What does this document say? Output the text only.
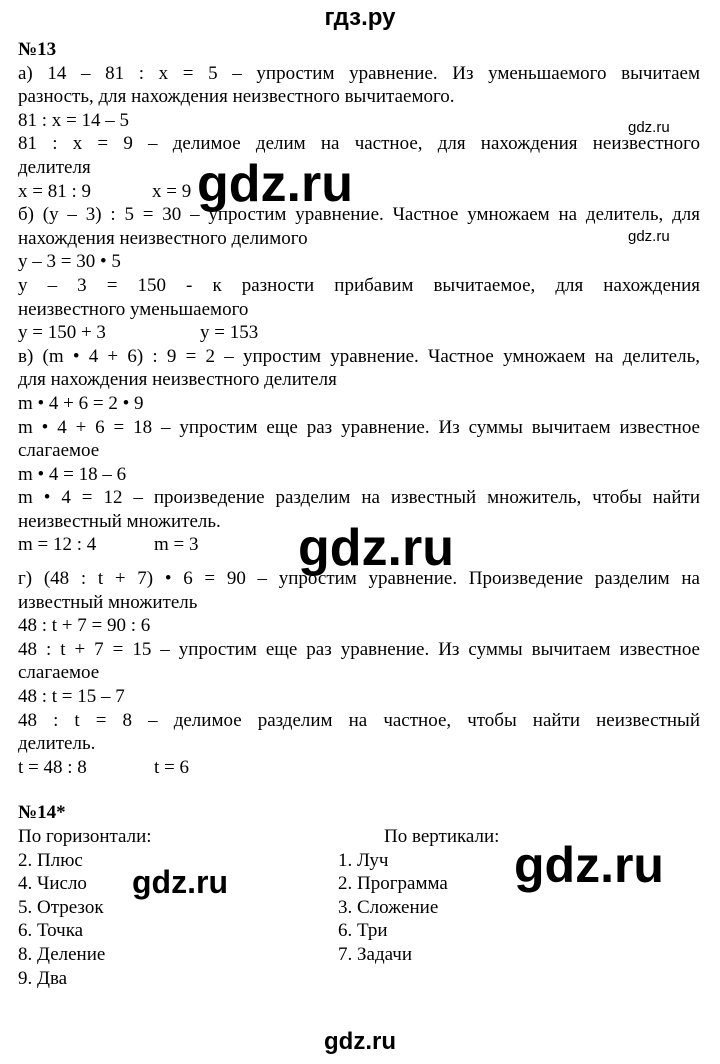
гдз.ру
№13
а) 14 – 81 : x = 5 – упростим уравнение. Из уменьшаемого вычитаем
разность, для нахождения неизвестного вычитаемого.
81 : x = 14 – 5
81 : x = 9 – делимое делим на частное, для нахождения неизвестного
делителя
x = 81 : 9	x = 9
б) (y – 3) : 5 = 30 – упростим уравнение. Частное умножаем на делитель, для
нахождения неизвестного делимого
y – 3 = 30 • 5
y – 3 = 150 - к разности прибавим вычитаемое, для нахождения
неизвестного уменьшаемого
y = 150 + 3	y = 153
в) (m • 4 + 6) : 9 = 2 – упростим уравнение. Частное умножаем на делитель,
для нахождения неизвестного делителя
m • 4 + 6 = 2 • 9
m • 4 + 6 = 18 – упростим еще раз уравнение. Из суммы вычитаем известное
слагаемое
m • 4 = 18 – 6
m • 4 = 12 – произведение разделим на известный множитель, чтобы найти
неизвестный множитель.
m = 12 : 4	m = 3
г) (48 : t + 7) • 6 = 90 – упростим уравнение. Произведение разделим на
известный множитель
48 : t + 7 = 90 : 6
48 : t + 7 = 15 – упростим еще раз уравнение. Из суммы вычитаем известное
слагаемое
48 : t = 15 – 7
48 : t = 8 – делимое разделим на частное, чтобы найти неизвестный
делитель.
t = 48 : 8	t = 6
№14*
По горизонтали:
2. Плюс
4. Число
5. Отрезок
6. Точка
8. Деление
9. Два
По вертикали:
1. Луч
2. Программа
3. Сложение
6. Три
7. Задачи
gdz.ru
gdz.ru
gdz.ru
gdz.ru
gdz.ru
gdz.ru
gdz.ru
